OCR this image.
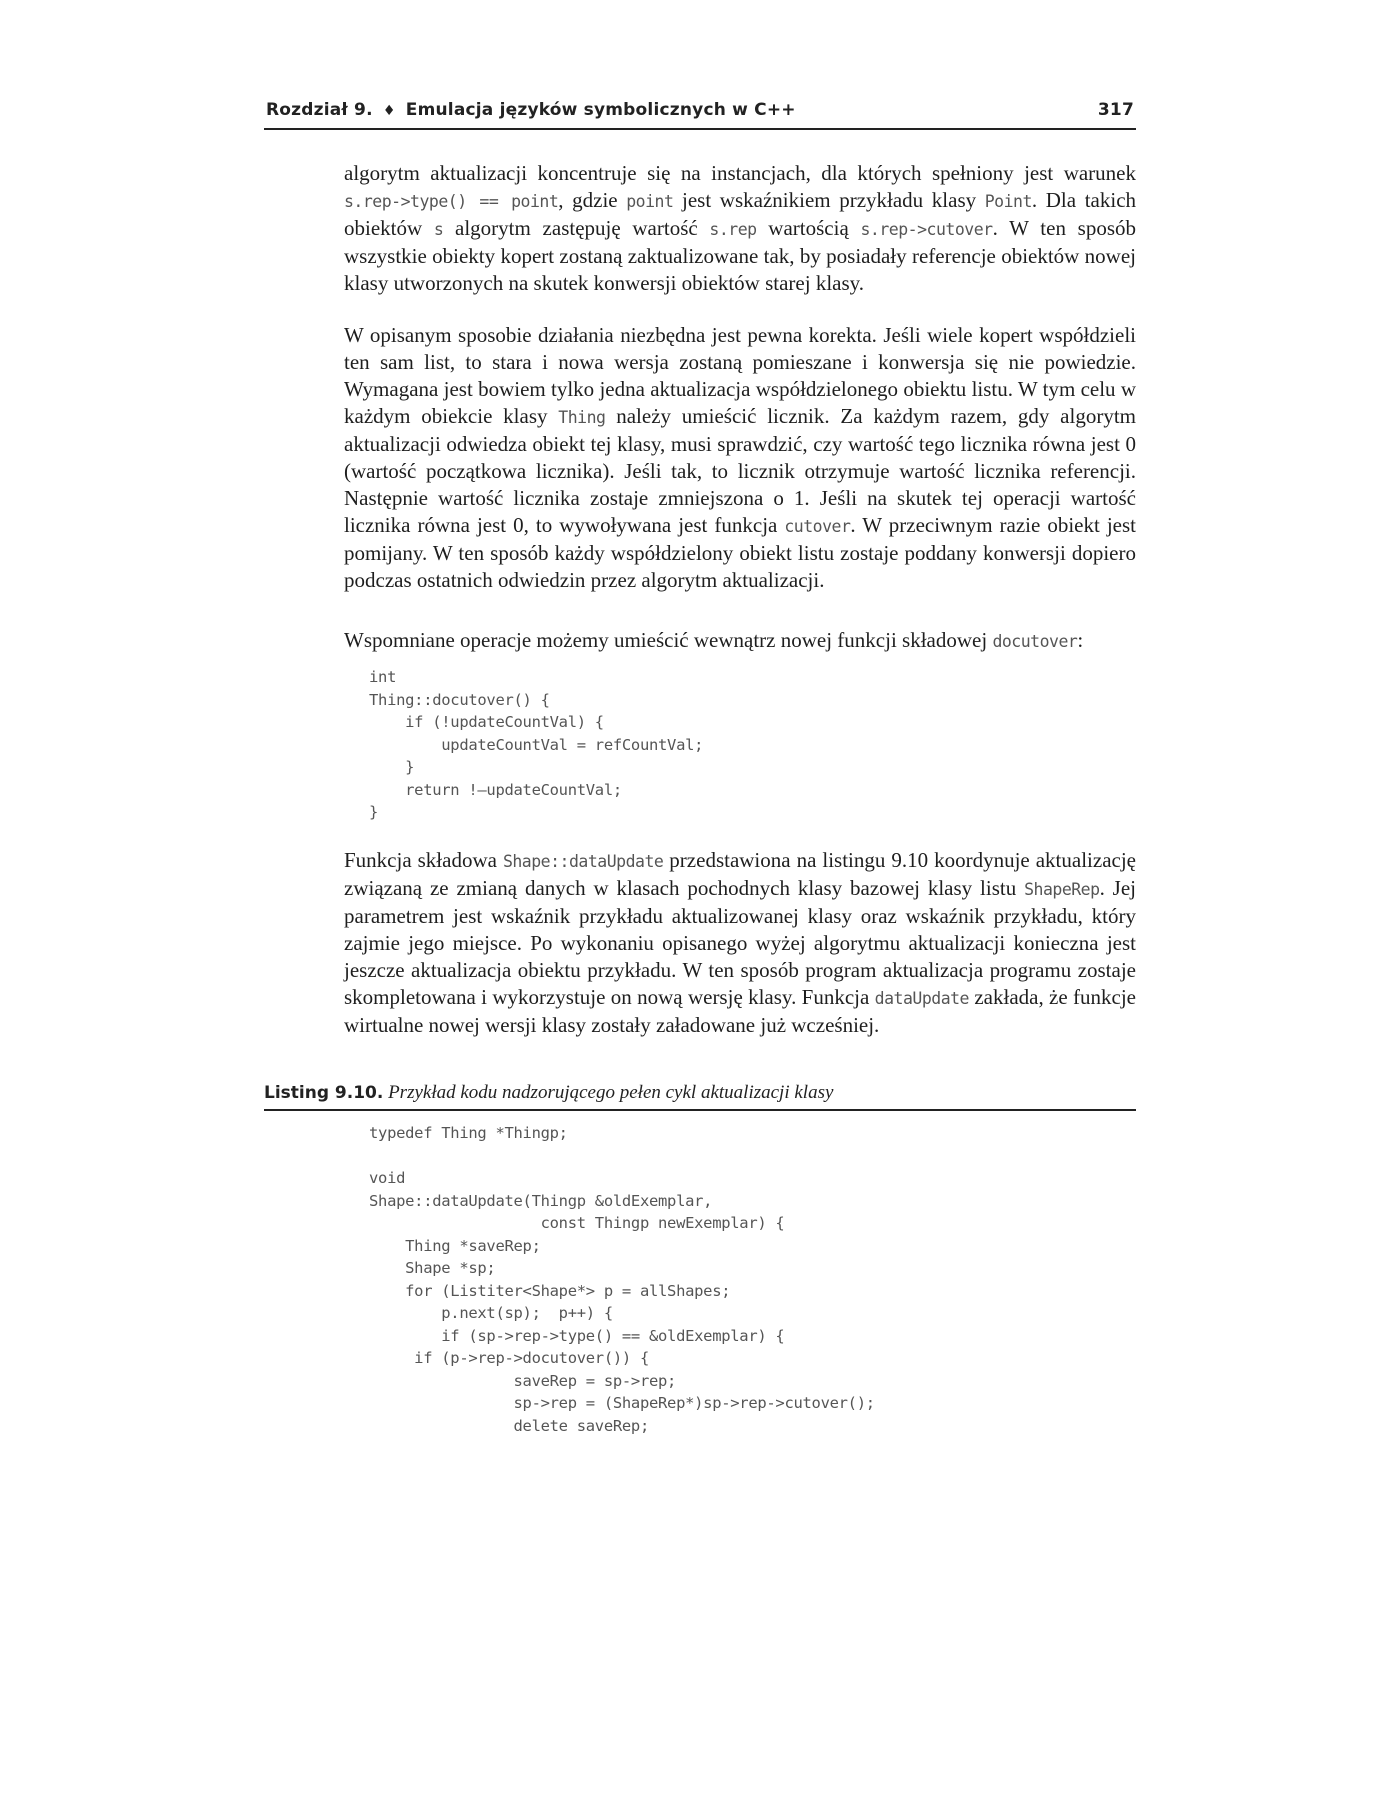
Rozdział 9. ♦ Emulacja języków symbolicznych w C++	317

algorytm aktualizacji koncentruje się na instancjach, dla których spełniony jest warunek s.rep->type() == point, gdzie point jest wskaźnikiem przykładu klasy Point. Dla takich obiektów s algorytm zastępuję wartość s.rep wartością s.rep->cutover. W ten sposób wszystkie obiekty kopert zostaną zaktualizowane tak, by posiadały referencje obiektów nowej klasy utworzonych na skutek konwersji obiektów starej klasy.

W opisanym sposobie działania niezbędna jest pewna korekta. Jeśli wiele kopert współdzieli ten sam list, to stara i nowa wersja zostaną pomieszane i konwersja się nie powiedzie. Wymagana jest bowiem tylko jedna aktualizacja współdzielonego obiektu listu. W tym celu w każdym obiekcie klasy Thing należy umieścić licznik. Za każdym razem, gdy algorytm aktualizacji odwiedza obiekt tej klasy, musi sprawdzić, czy wartość tego licznika równa jest 0 (wartość początkowa licznika). Jeśli tak, to licznik otrzymuje wartość licznika referencji. Następnie wartość licznika zostaje zmniejszona o 1. Jeśli na skutek tej operacji wartość licznika równa jest 0, to wywoływana jest funkcja cutover. W przeciwnym razie obiekt jest pomijany. W ten sposób każdy współdzielony obiekt listu zostaje poddany konwersji dopiero podczas ostatnich odwiedzin przez algorytm aktualizacji.

Wspomniane operacje możemy umieścić wewnątrz nowej funkcji składowej docutover:

int
Thing::docutover() {
if (!updateCountVal) {
updateCountVal = refCountVal;
}
return !—updateCountVal;
}

Funkcja składowa Shape::dataUpdate przedstawiona na listingu 9.10 koordynuje aktualizację związaną ze zmianą danych w klasach pochodnych klasy bazowej klasy listu ShapeRep. Jej parametrem jest wskaźnik przykładu aktualizowanej klasy oraz wskaźnik przykładu, który zajmie jego miejsce. Po wykonaniu opisanego wyżej algorytmu aktualizacji konieczna jest jeszcze aktualizacja obiektu przykładu. W ten sposób program aktualizacja programu zostaje skompletowana i wykorzystuje on nową wersję klasy. Funkcja dataUpdate zakłada, że funkcje wirtualne nowej wersji klasy zostały załadowane już wcześniej.

Listing 9.10. Przykład kodu nadzorującego pełen cykl aktualizacji klasy
typedef Thing *Thingp;

void
Shape::dataUpdate(Thingp &oldExemplar,
const Thingp newExemplar) {
Thing *saveRep;
Shape *sp;
for (Listiter<Shape*> p = allShapes;
p.next(sp);  p++) {
if (sp->rep->type() == &oldExemplar) {
if (p->rep->docutover()) {
saveRep = sp->rep;
sp->rep = (ShapeRep*)sp->rep->cutover();
delete saveRep;
